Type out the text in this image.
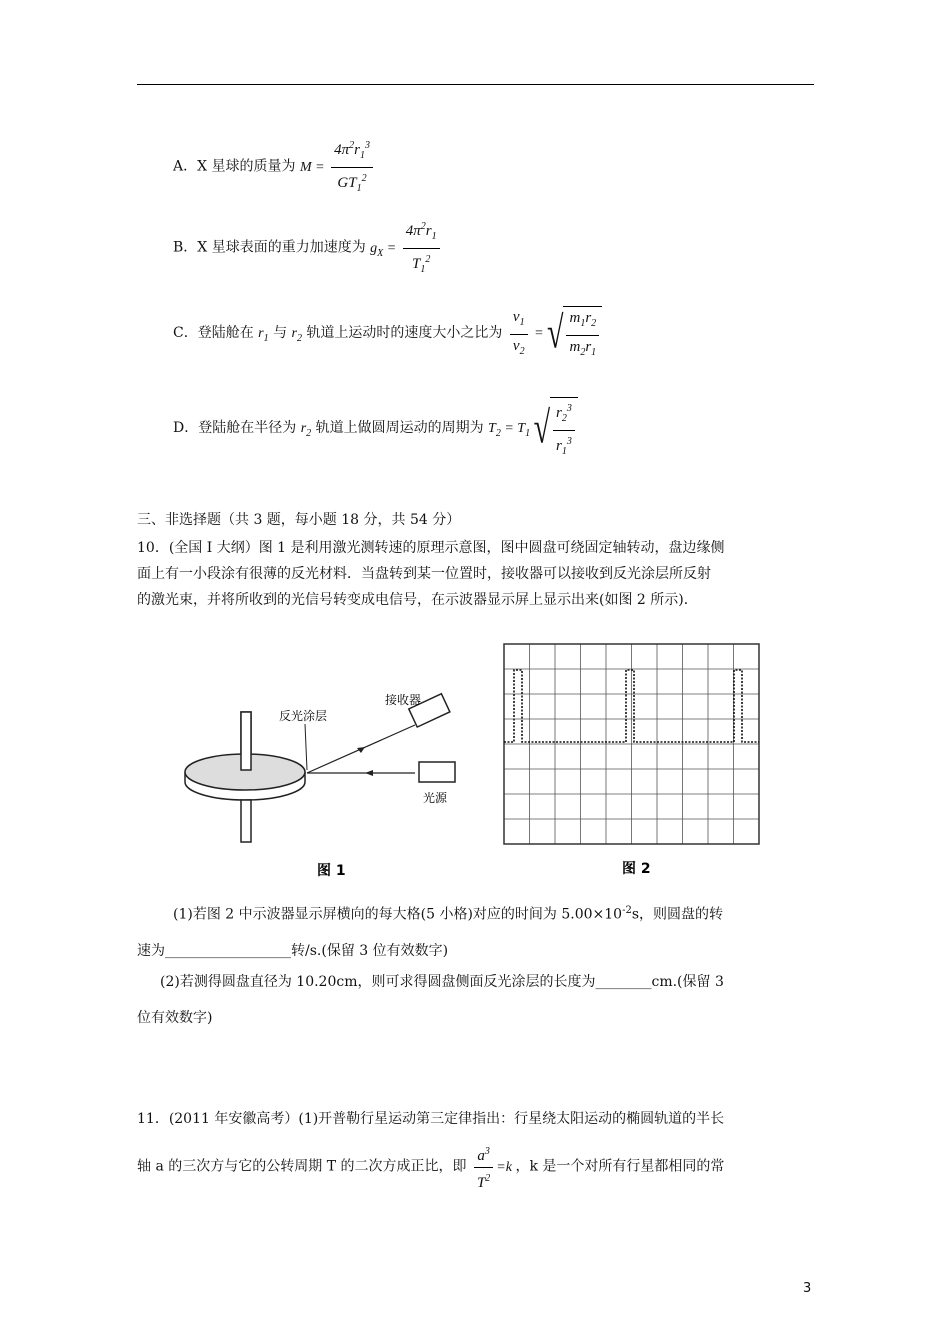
A．X 星球的质量为 $M = \frac{4\pi^2r_1^3}{GT_1^2}$
B．X 星球表面的重力加速度为 $g_X = \frac{4\pi^2r_1}{T_1^2}$
C．登陆舱在 $r_1$ 与 $r_2$ 轨道上运动时的速度大小之比为 $\frac{v_1}{v_2}$ = √ $\frac{m_1r_2}{m_2r_1}$
D．登陆舱在半径为 $r_2$ 轨道上做圆周运动的周期为 $T_2 = T_1$ √ $\frac{r_2^3}{r_1^3}$
三、非选择题（共 3 题，每小题 18 分，共 54 分）
10．(全国 I 大纲）图 1 是利用激光测转速的原理示意图，图中圆盘可绕固定轴转动，盘边缘侧
面上有一小段涂有很薄的反光材料．当盘转到某一位置时，接收器可以接收到反光涂层所反射
的激光束，并将所收到的光信号转变成电信号，在示波器显示屏上显示出来(如图 2 所示)．
反光涂层
接收器
光源
图 1	图 2
(1)若图 2 中示波器显示屏横向的每大格(5 小格)对应的时间为 $5.00\times 10^{-2}s$，则圆盘的转
速为__________________转/s.(保留 3 位有效数字)
(2)若测得圆盘直径为 10.20cm，则可求得圆盘侧面反光涂层的长度为________cm.(保留 3
位有效数字)
11．(2011 年安徽高考）(1)开普勒行星运动第三定律指出：行星绕太阳运动的椭圆轨道的半长
轴 a 的三次方与它的公转周期 T 的二次方成正比，即 $\frac{a^3}{T^2} =k$ ，k 是一个对所有行星都相同的常
3
